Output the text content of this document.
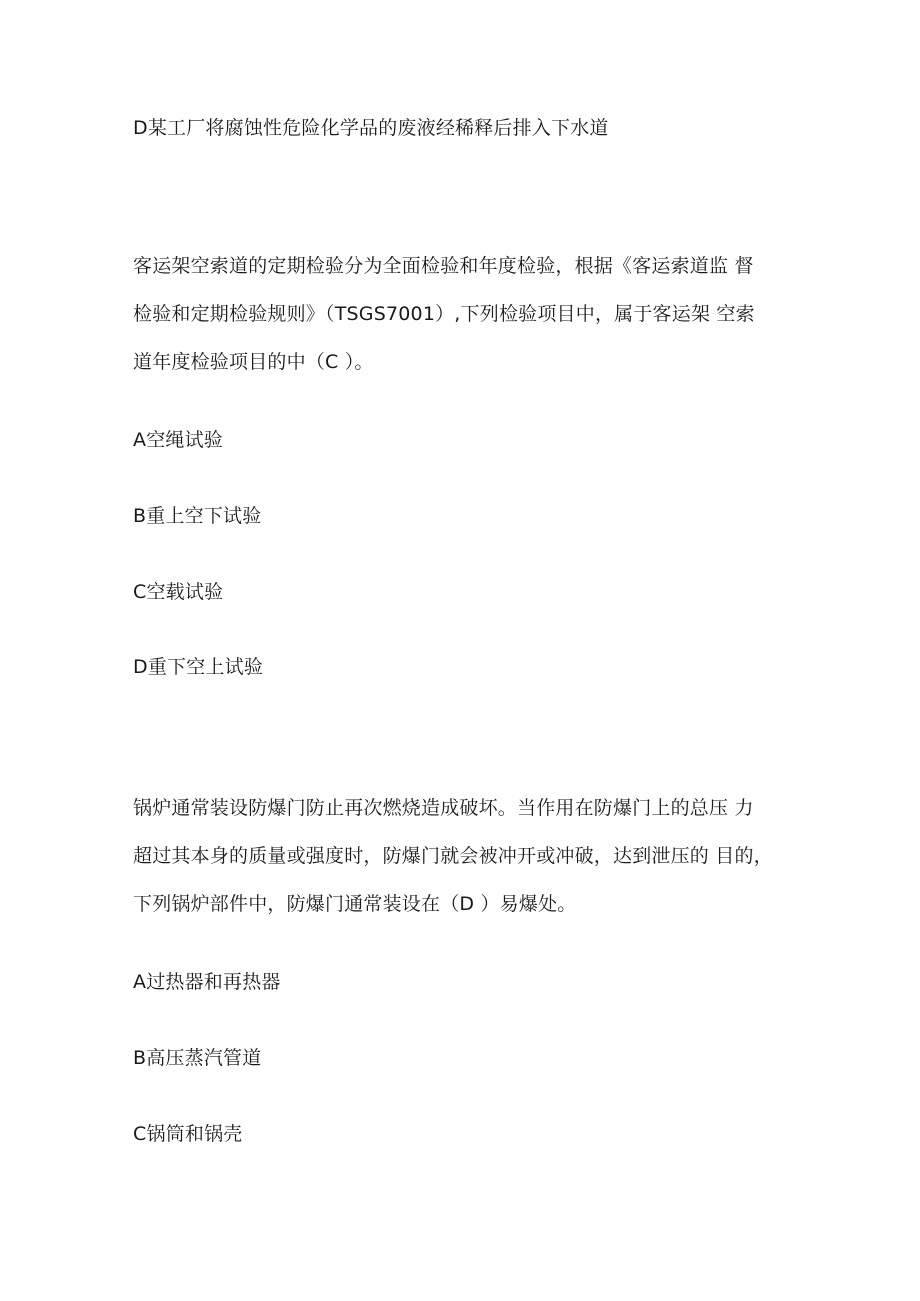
D某工厂将腐蚀性危险化学品的废液经稀释后排入下水道
客运架空索道的定期检验分为全面检验和年度检验，根据《客运索道监 督
检验和定期检验规则》（TSGS7001）,下列检验项目中，属于客运架 空索
道年度检验项目的中（C ）。
A空绳试验
B重上空下试验
C空载试验
D重下空上试验
锅炉通常装设防爆门防止再次燃烧造成破坏。当作用在防爆门上的总压 力
超过其本身的质量或强度时，防爆门就会被冲开或冲破，达到泄压的 目的，
下列锅炉部件中，防爆门通常装设在（D ）易爆处。
A过热器和再热器
B高压蒸汽管道
C锅筒和锅壳
